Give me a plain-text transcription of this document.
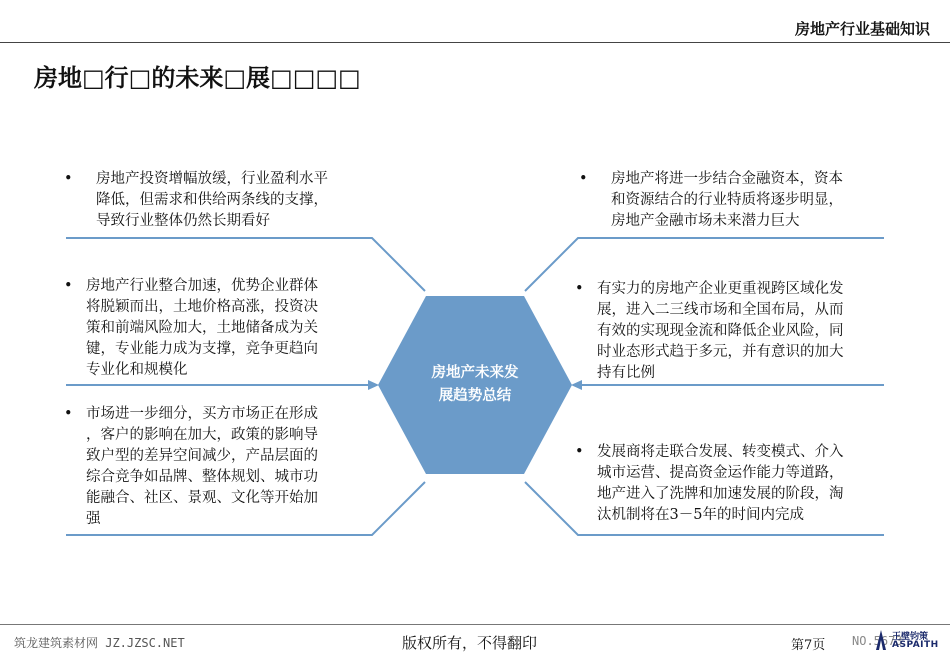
房地产行业基础知识
房地□行□的未来□展□□□□
房地产未来发
展趋势总结
• 房地产投资增幅放缓，行业盈利水平
降低，但需求和供给两条线的支撑，
导致行业整体仍然长期看好
• 房地产行业整合加速，优势企业群体
将脱颖而出，土地价格高涨，投资决
策和前端风险加大，土地储备成为关
键，专业能力成为支撑，竞争更趋向
专业化和规模化
• 市场进一步细分，买方市场正在形成
，客户的影响在加大，政策的影响导
致户型的差异空间减少，产品层面的
综合竞争如品牌、整体规划、城市功
能融合、社区、景观、文化等开始加
强
• 房地产将进一步结合金融资本，资本
和资源结合的行业特质将逐步明显，
房地产金融市场未来潜力巨大
• 有实力的房地产企业更重视跨区域化发
展，进入二三线市场和全国布局，从而
有效的实现现金流和降低企业风险，同
时业态形式趋于多元，并有意识的加大
持有比例
• 发展商将走联合发展、转变模式、介入
城市运营、提高资金运作能力等道路，
地产进入了洗牌和加速发展的阶段，淘
汰机制将在3－5年的时间内完成
筑龙建筑素材网 JZ.JZSC.NET	版权所有，不得翻印	第7页 NO.5673
王壁钧策
ASPAITH
